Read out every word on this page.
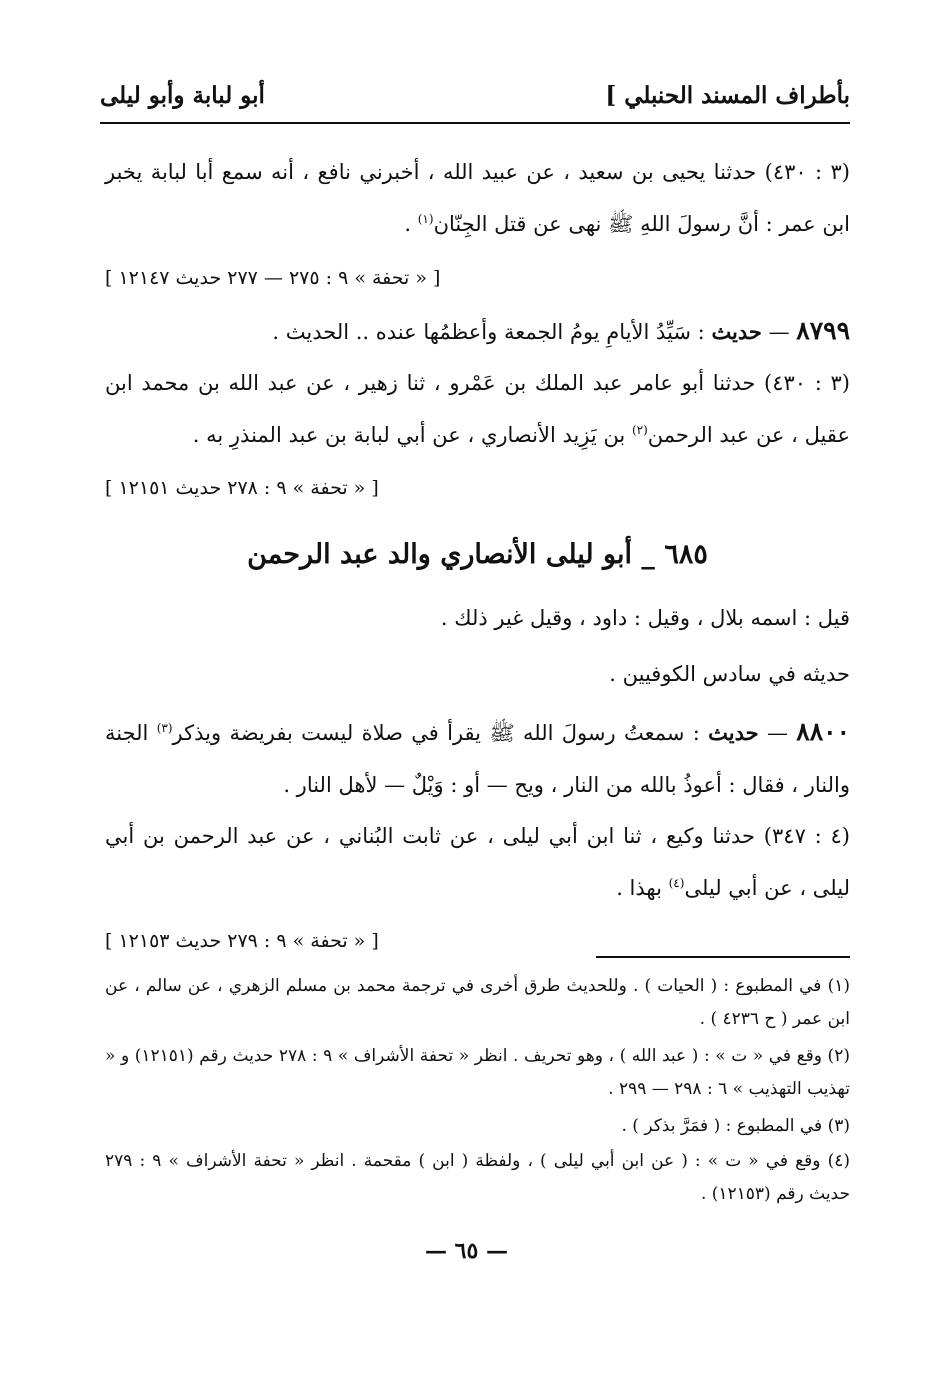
بأطراف المسند الحنبلي ]
أبو لبابة وأبو ليلى
(٣ : ٤٣٠) حدثنا يحيى بن سعيد ، عن عبيد الله ، أخبرني نافع ، أنه سمع أبا لبابة يخبر ابن عمر : أنَّ رسولَ اللهِ ﷺ نهى عن قتل الجِنّان$^{(١)}$ .
[ « تحفة » ٩ : ٢٧٥ — ٢٧٧ حديث ١٢١٤٧ ]
٨٧٩٩ — حديث : سَيِّدُ الأيامِ يومُ الجمعة وأعظمُها عنده .. الحديث .
(٣ : ٤٣٠) حدثنا أبو عامر عبد الملك بن عَمْرو ، ثنا زهير ، عن عبد الله بن محمد ابن عقيل ، عن عبد الرحمن$^{(٢)}$ بن يَزِيد الأنصاري ، عن أبي لبابة بن عبد المنذرِ به .
[ « تحفة » ٩ : ٢٧٨ حديث ١٢١٥١ ]
٦٨٥ _ أبو ليلى الأنصاري والد عبد الرحمن
قيل : اسمه بلال ، وقيل : داود ، وقيل غير ذلك .
حديثه في سادس الكوفيين .
٨٨٠٠ — حديث : سمعتُ رسولَ الله ﷺ يقرأ في صلاة ليست بفريضة ويذكر$^{(٣)}$ الجنة والنار ، فقال : أعوذُ بالله من النار ، ويح — أو : وَيْلٌ — لأهل النار .
(٤ : ٣٤٧) حدثنا وكيع ، ثنا ابن أبي ليلى ، عن ثابت البُناني ، عن عبد الرحمن بن أبي ليلى ، عن أبي ليلى$^{(٤)}$ بهذا .
[ « تحفة » ٩ : ٢٧٩ حديث ١٢١٥٣ ]
(١) في المطبوع : ( الحيات ) . وللحديث طرق أخرى في ترجمة محمد بن مسلم الزهري ، عن سالم ، عن ابن عمر ( ح ٤٢٣٦ ) .
(٢) وقع في « ت » : ( عبد الله ) ، وهو تحريف . انظر « تحفة الأشراف » ٩ : ٢٧٨ حديث رقم (١٢١٥١) و « تهذيب التهذيب » ٦ : ٢٩٨ — ٢٩٩ .
(٣) في المطبوع : ( فمَرَّ بذكر ) .
(٤) وقع في « ت » : ( عن ابن أبي ليلى ) ، ولفظة ( ابن ) مقحمة . انظر « تحفة الأشراف » ٩ : ٢٧٩ حديث رقم (١٢١٥٣) .
— ٦٥ —
